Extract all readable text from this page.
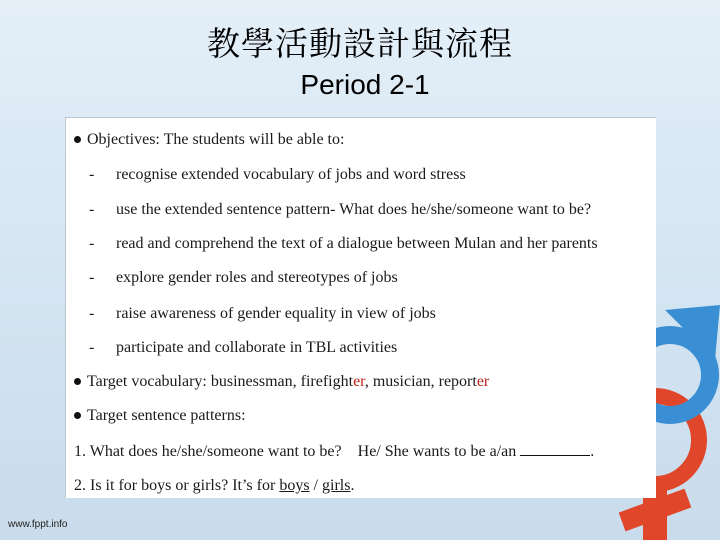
教學活動設計與流程
Period 2-1
Objectives: The students will be able to:
- recognise extended vocabulary of jobs and word stress
- use the extended sentence pattern- What does he/she/someone want to be?
- read and comprehend the text of a dialogue between Mulan and her parents
- explore gender roles and stereotypes of jobs
- raise awareness of gender equality in view of jobs
- participate and collaborate in TBL activities
Target vocabulary: businessman, firefighter, musician, reporter
Target sentence patterns:
1. What does he/she/someone want to be? He/ She wants to be a/an	.
2. Is it for boys or girls? It’s for boys / girls.
www.fppt.info
